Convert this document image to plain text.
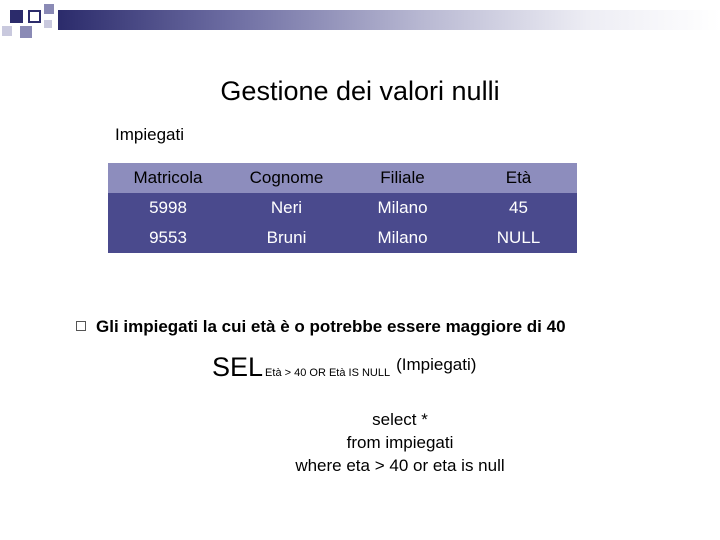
Gestione dei valori nulli
Impiegati
Matricola	Cognome	Filiale	Età
5998	Neri	Milano	45
9553	Bruni	Milano	NULL
Gli impiegati la cui età è o potrebbe essere maggiore di 40
SEL Età > 40 OR Età IS NULL (Impiegati)
select *
from impiegati
where eta > 40 or eta is null
